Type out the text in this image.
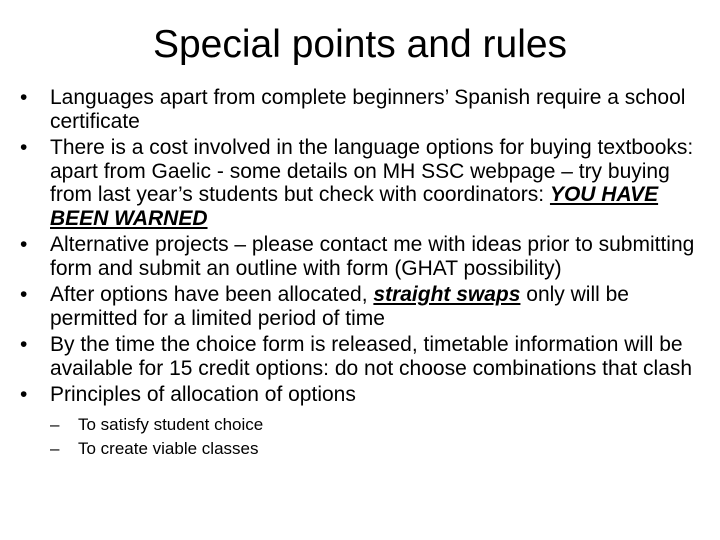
Special points and rules
•	Languages apart from complete beginners’ Spanish require a school certificate
•	There is a cost involved in the language options for buying textbooks: apart from Gaelic - some details on MH SSC webpage – try buying from last year’s students but check with coordinators: YOU HAVE BEEN WARNED
•	Alternative projects – please contact me with ideas prior to submitting form and submit an outline with form (GHAT possibility)
•	After options have been allocated, straight swaps only will be permitted for a limited period of time
•	By the time the choice form is released, timetable information will be available for 15 credit options: do not choose combinations that clash
•	Principles of allocation of options
– To satisfy student choice
– To create viable classes
